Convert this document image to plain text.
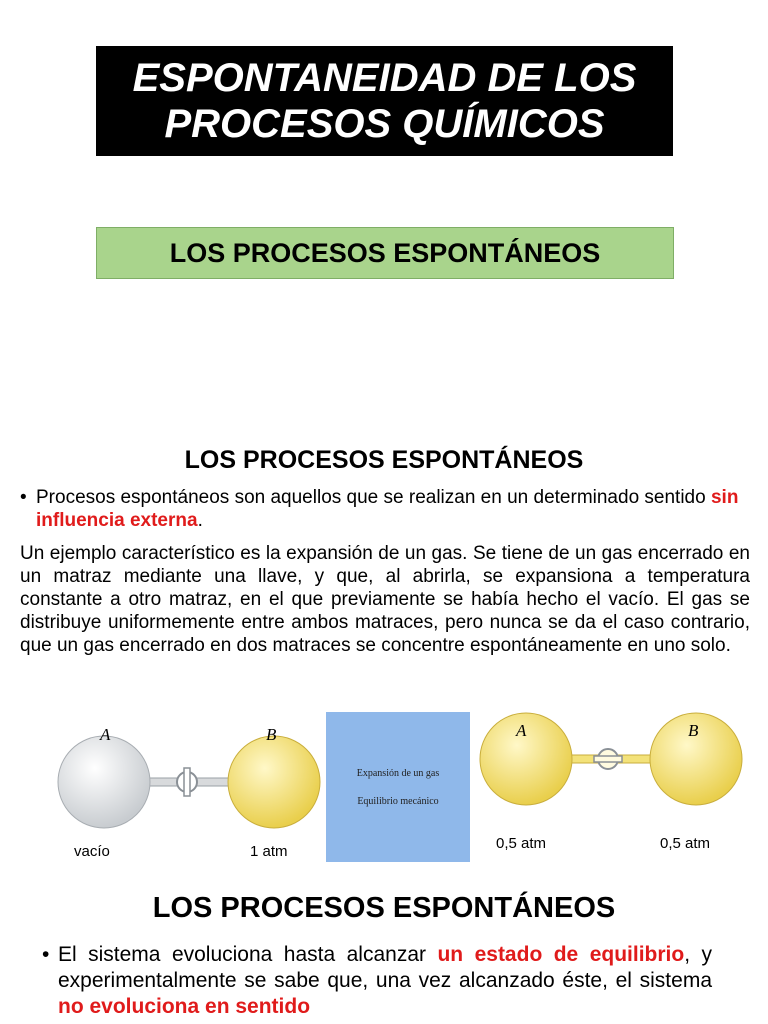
ESPONTANEIDAD DE LOS
PROCESOS QUÍMICOS
LOS PROCESOS ESPONTÁNEOS
LOS PROCESOS ESPONTÁNEOS
• Procesos espontáneos son aquellos que se realizan en un determinado sentido sin influencia externa.
Un ejemplo característico es la expansión de un gas. Se tiene de un gas encerrado en un matraz mediante una llave, y que, al abrirla, se expansiona a temperatura constante a otro matraz, en el que previamente se había hecho el vacío. El gas se distribuye uniformemente entre ambos matraces, pero nunca se da el caso contrario, que un gas encerrado en dos matraces se concentre espontáneamente en uno solo.
A	B
vacío	1 atm
Expansión de un gas
Equilibrio mecánico
A	B
0,5 atm	0,5 atm
LOS PROCESOS ESPONTÁNEOS
• El sistema evoluciona hasta alcanzar un estado de equilibrio, y experimentalmente se sabe que, una vez alcanzado éste, el sistema no evoluciona en sentido
